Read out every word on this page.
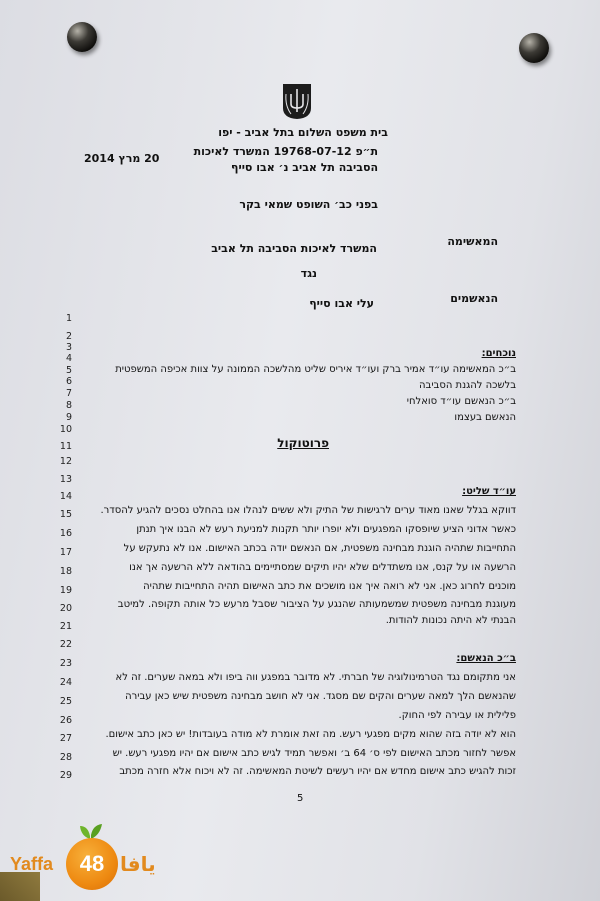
בית משפט השלום בתל אביב - יפו
ת״פ 19768-07-12 המשרד לאיכות
הסביבה תל אביב נ׳ אבו סייף
20 מרץ 2014
בפני כב׳ השופט שמאי בקר
המאשימה
המשרד לאיכות הסביבה תל אביב
נגד
הנאשמים
עלי אבו סייף
1
2
3
4
5
6
7
8
9
10
11
12
13
14
15
16
17
18
19
20
21
22
23
24
25
26
27
28
29
נוכחים:
ב״כ המאשימה עו״ד אמיר ברק ועו״ד איריס שליט מהלשכה הממונה על צוות אכיפה המשפטית
בלשכה להגנת הסביבה
ב״כ הנאשם עו״ד סואלחי
הנאשם בעצמו
פרוטוקול
עו״ד שליט:
דווקא בגלל שאנו מאוד ערים לרגישות של התיק ולא ששים לנהלו אנו בהחלט נסכים להגיע להסדר.
כאשר אדוני הציע שיופסקו המפגעים ולא יופרו יותר תקנות למניעת רעש לא הבנו איך תנתן
התחייבות שתהיה הוגנת מבחינה משפטית, אם הנאשם יודה בכתב האישום. אנו לא נתעקש על
הרשעה או על קנס, אנו משתדלים שלא יהיו תיקים שמסתיימים בהודאה ללא הרשעה אך אנו
מוכנים לחרוג כאן. אני לא רואה איך אנו מושכים את כתב האישום תהיה התחייבות שתהיה
מעוגנת מבחינה משפטית שמשמעותה שהנגע על הציבור שסבל מרעש כל אותה תקופה. למיטב
הבנתי לא היתה נכונות להודות.
ב״כ הנאשם:
אני מתקומם נגד הטרמינולוגיה של חברתי. לא מדובר במפגע ווה ביפו ולא במאה שערים. זה לא
שהנאשם הלך למאה שערים והקים שם מסגד. אני לא חושב מבחינה משפטית שיש כאן עבירה
פלילית או עבירה לפי החוק.
הוא לא יודה בזה שהוא מקים מפגעי רעש. מה זאת אומרת לא מודה בעובדות! יש כאן כתב אישום.
אפשר לחזור מכתב האישום לפי ס׳ 64 ב׳ ואפשר תמיד לגיש כתב אישום אם יהיו מפגעי רעש. יש
זכות להגיש כתב אישום מחדש אם יהיו רעשים לשיטת המאשימה. זה לא ויכוח אלא חזרה מכתב
5
Yaffa	48 يافا
